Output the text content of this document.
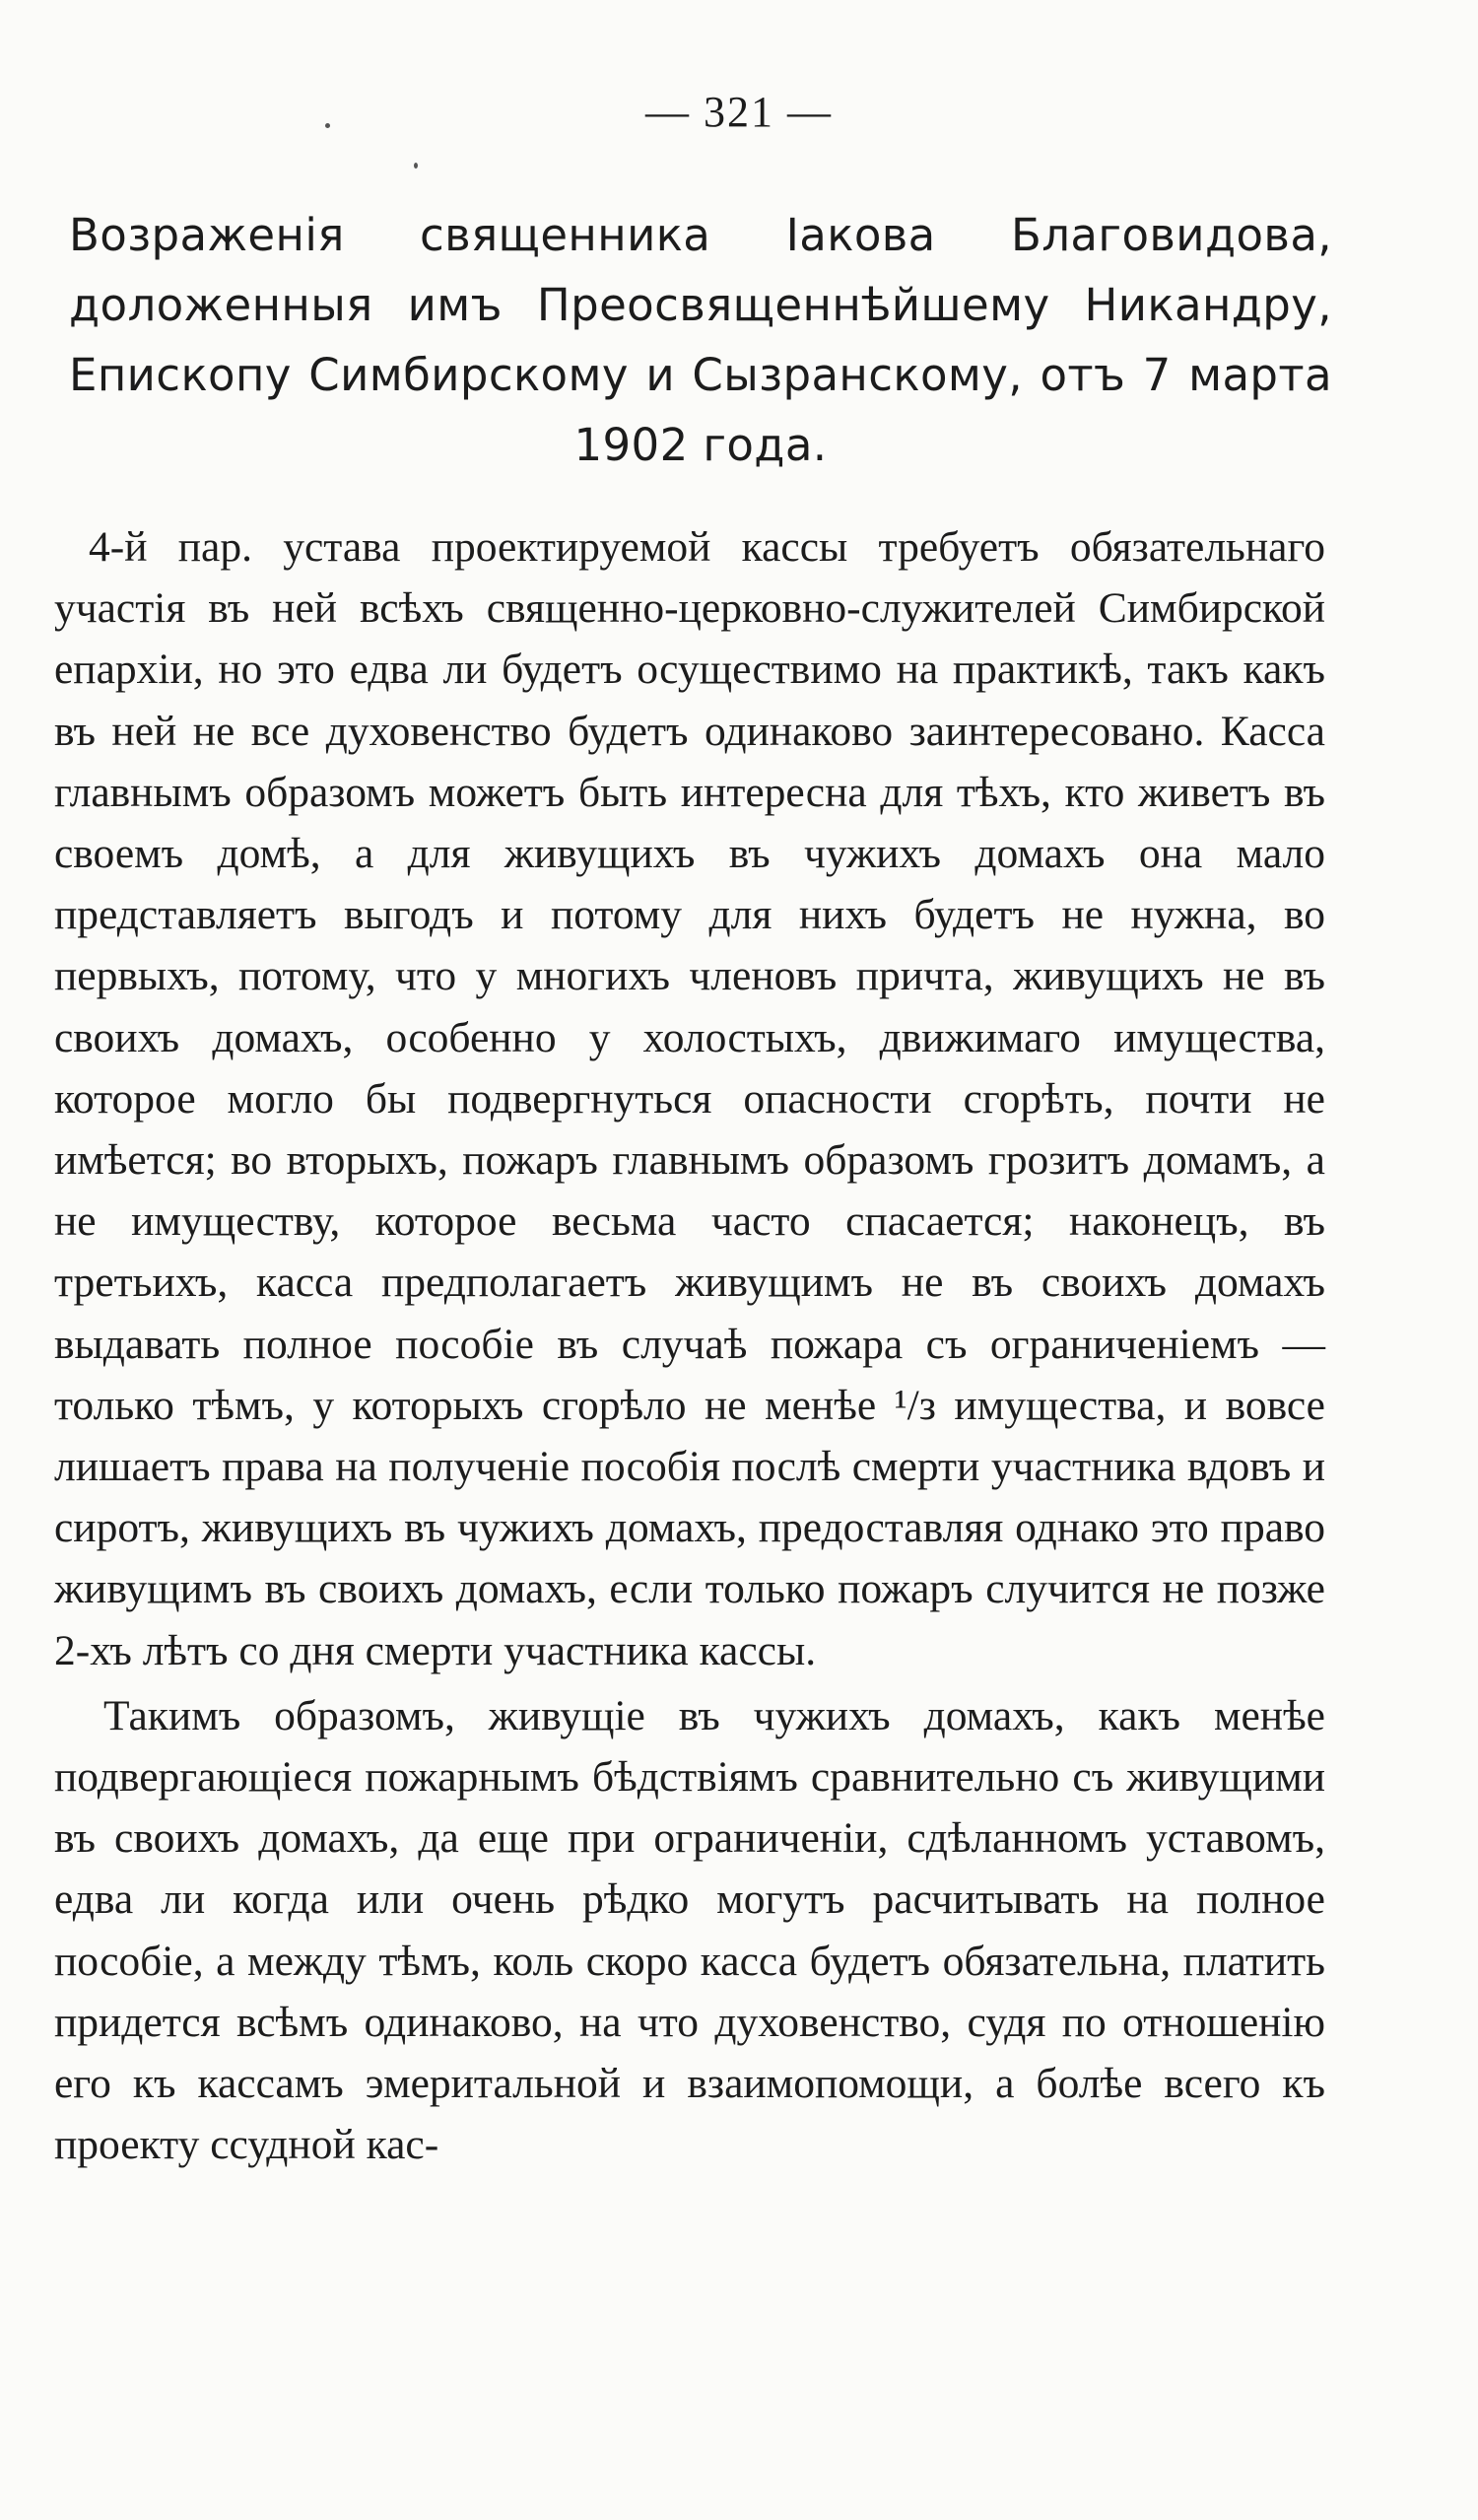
— 321 —
Возраженія священника Іакова Благовидова, доложенныя имъ Преосвященнѣйшему Никандру, Епископу Симбирскому и Сызранскому, отъ 7 марта 1902 года.

4-й пар. устава проектируемой кассы требуетъ обязательнаго участія въ ней всѣхъ священно-церковно-служителей Симбирской епархіи, но это едва ли будетъ осуществимо на практикѣ, такъ какъ въ ней не все духовенство будетъ одинаково заинтересовано. Касса главнымъ образомъ можетъ быть интересна для тѣхъ, кто живетъ въ своемъ домѣ, а для живущихъ въ чужихъ домахъ она мало представляетъ выгодъ и потому для нихъ будетъ не нужна, во первыхъ, потому, что у многихъ членовъ причта, живущихъ не въ своихъ домахъ, особенно у холостыхъ, движимаго имущества, которое могло бы подвергнуться опасности сгорѣть, почти не имѣется; во вторыхъ, пожаръ главнымъ образомъ грозитъ домамъ, а не имуществу, которое весьма часто спасается; наконецъ, въ третьихъ, касса предполагаетъ живущимъ не въ своихъ домахъ выдавать полное пособіе въ случаѣ пожара съ ограниченіемъ —только тѣмъ, у которыхъ сгорѣло не менѣе ¹/з имущества, и вовсе лишаетъ права на полученіе пособія послѣ смерти участника вдовъ и сиротъ, живущихъ въ чужихъ домахъ, предоставляя однако это право живущимъ въ своихъ домахъ, если только пожаръ случится не позже 2-хъ лѣтъ со дня смерти участника кассы.

Такимъ образомъ, живущіе въ чужихъ домахъ, какъ менѣе подвергающіеся пожарнымъ бѣдствіямъ сравнительно съ живущими въ своихъ домахъ, да еще при ограниченіи, сдѣланномъ уставомъ, едва ли когда или очень рѣдко могутъ расчитывать на полное пособіе, а между тѣмъ, коль скоро касса будетъ обязательна, платить придется всѣмъ одинаково, на что духовенство, судя по отношенію его къ кассамъ эмеритальной и взаимопомощи, а болѣе всего къ проекту ссудной кас-
